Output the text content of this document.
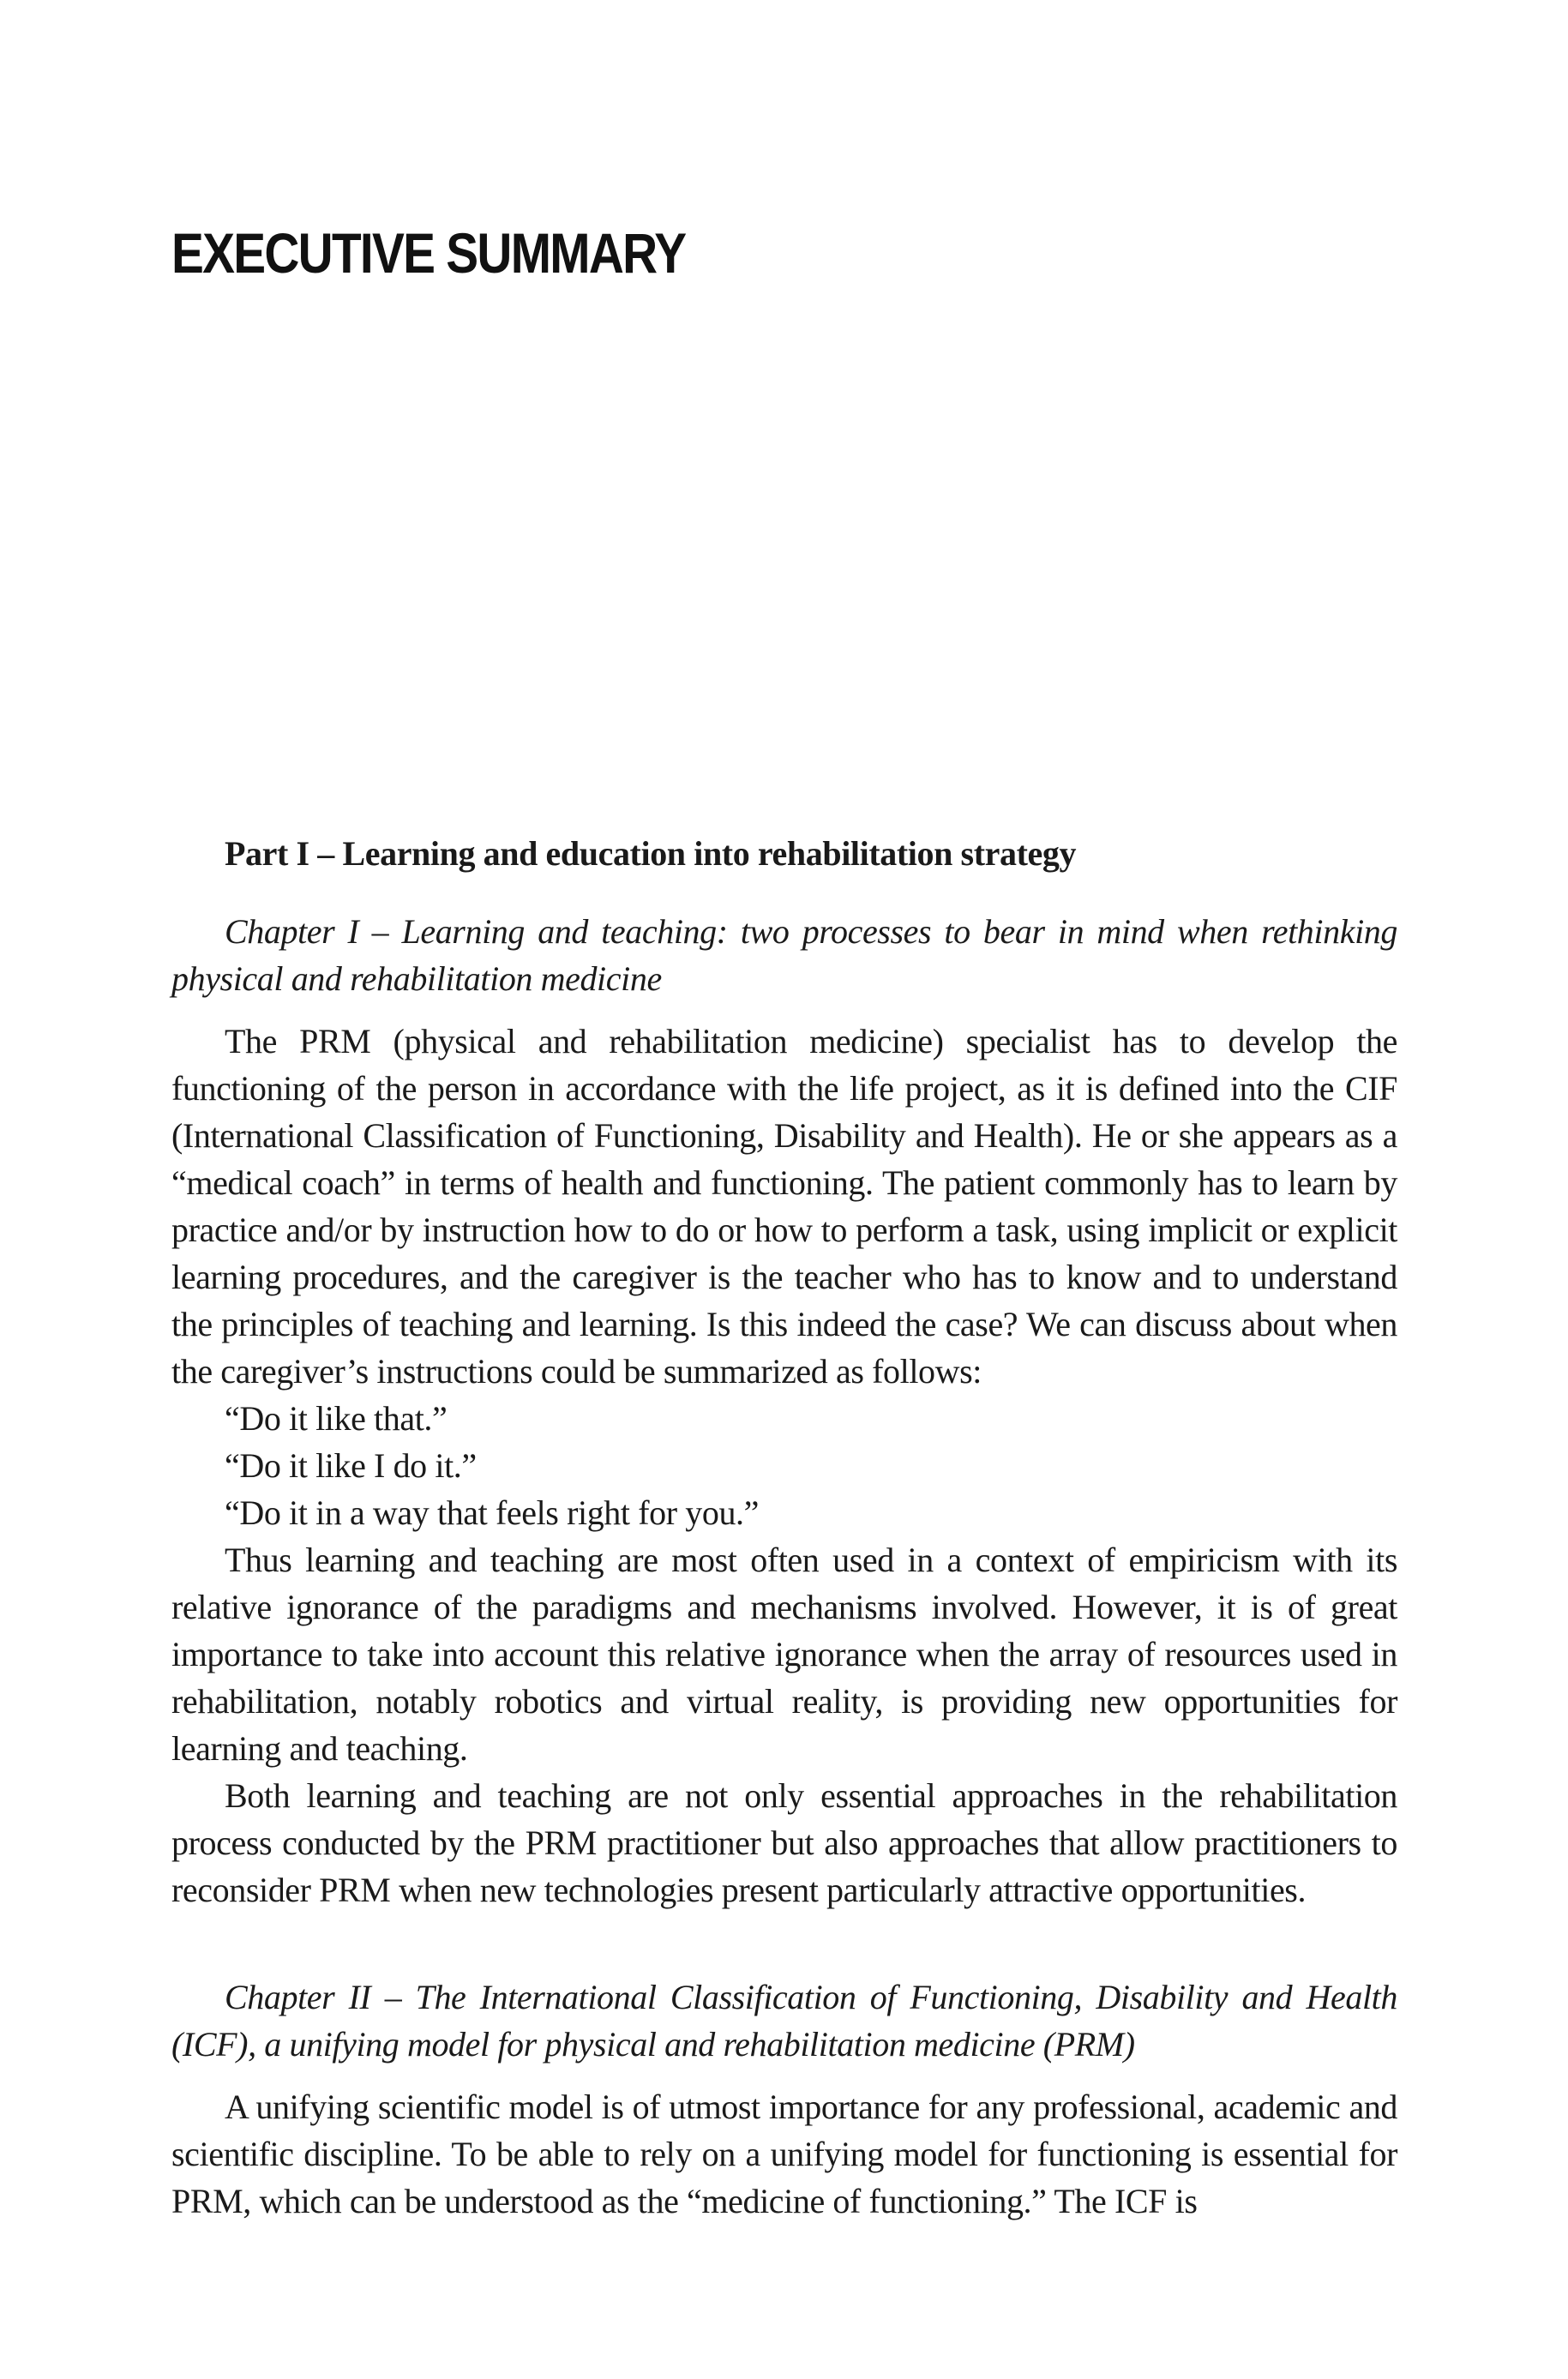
EXECUTIVE SUMMARY

Part I – Learning and education into rehabilitation strategy

Chapter I – Learning and teaching: two processes to bear in mind when rethinking physical and rehabilitation medicine

The PRM (physical and rehabilitation medicine) specialist has to develop the functioning of the person in accordance with the life project, as it is defined into the CIF (International Classification of Functioning, Disability and Health). He or she appears as a “medical coach” in terms of health and functioning. The patient commonly has to learn by practice and/or by instruction how to do or how to perform a task, using implicit or explicit learning procedures, and the caregiver is the teacher who has to know and to understand the principles of teaching and learning. Is this indeed the case? We can discuss about when the caregiver’s instructions could be summarized as follows:

“Do it like that.”

“Do it like I do it.”

“Do it in a way that feels right for you.”

Thus learning and teaching are most often used in a context of empiricism with its relative ignorance of the paradigms and mechanisms involved. However, it is of great importance to take into account this relative ignorance when the array of resources used in rehabilitation, notably robotics and virtual reality, is providing new opportunities for learning and teaching.

Both learning and teaching are not only essential approaches in the rehabilitation process conducted by the PRM practitioner but also approaches that allow practitioners to reconsider PRM when new technologies present particularly attractive opportunities.

Chapter II – The International Classification of Functioning, Disability and Health (ICF), a unifying model for physical and rehabilitation medicine (PRM)

A unifying scientific model is of utmost importance for any professional, academic and scientific discipline. To be able to rely on a unifying model for functioning is essential for PRM, which can be understood as the “medicine of functioning.” The ICF is
